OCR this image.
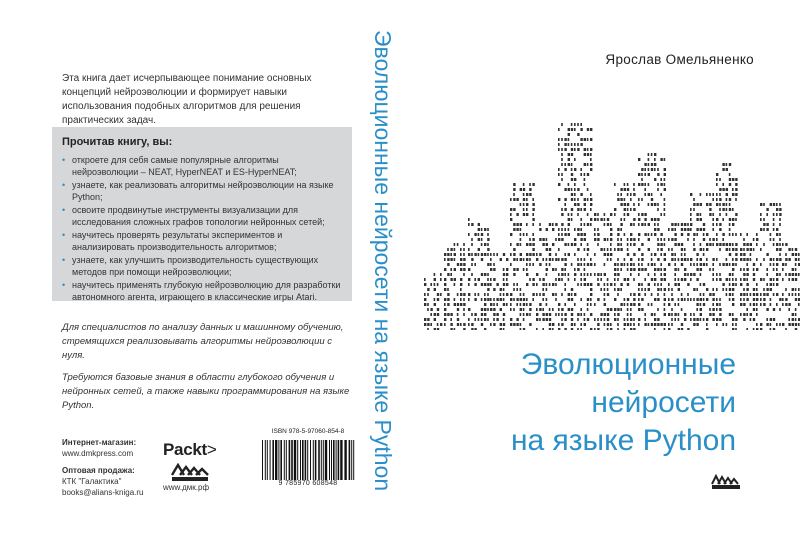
Эта книга дает исчерпывающее понимание основных концепций нейроэволюции и формирует навыки использования подобных алгоритмов для решения практических задач.
Прочитав книгу, вы:
• откроете для себя самые популярные алгоритмы нейроэволюции – NEAT, HyperNEAT и ES-HyperNEAT;
• узнаете, как реализовать алгоритмы нейроэволюции на языке Python;
• освоите продвинутые инструменты визуализации для исследования сложных графов топологии нейронных сетей;
• научитесь проверять результаты экспериментов и анализировать производительность алгоритмов;
• узнаете, как улучшить производительность существующих методов при помощи нейроэволюции;
• научитесь применять глубокую нейроэволюцию для разработки автономного агента, играющего в классические игры Atari.

Для специалистов по анализу данных и машинному обучению, стремящихся реализовывать алгоритмы нейроэволюции с нуля.

Требуются базовые знания в области глубокого обучения и нейронных сетей, а также навыки программирования на языке Python.

Интернет-магазин:
www.dmkpress.com
Оптовая продажа:
КТК "Галактика"
books@alians-kniga.ru
Packt>
www.дмк.рф
ISBN 978-5-97060-854-8
9 785970 608548	Эволюционные нейросети на языке Python	Ярослав Омельяненко
Эволюционные
нейросети
на языке Python
